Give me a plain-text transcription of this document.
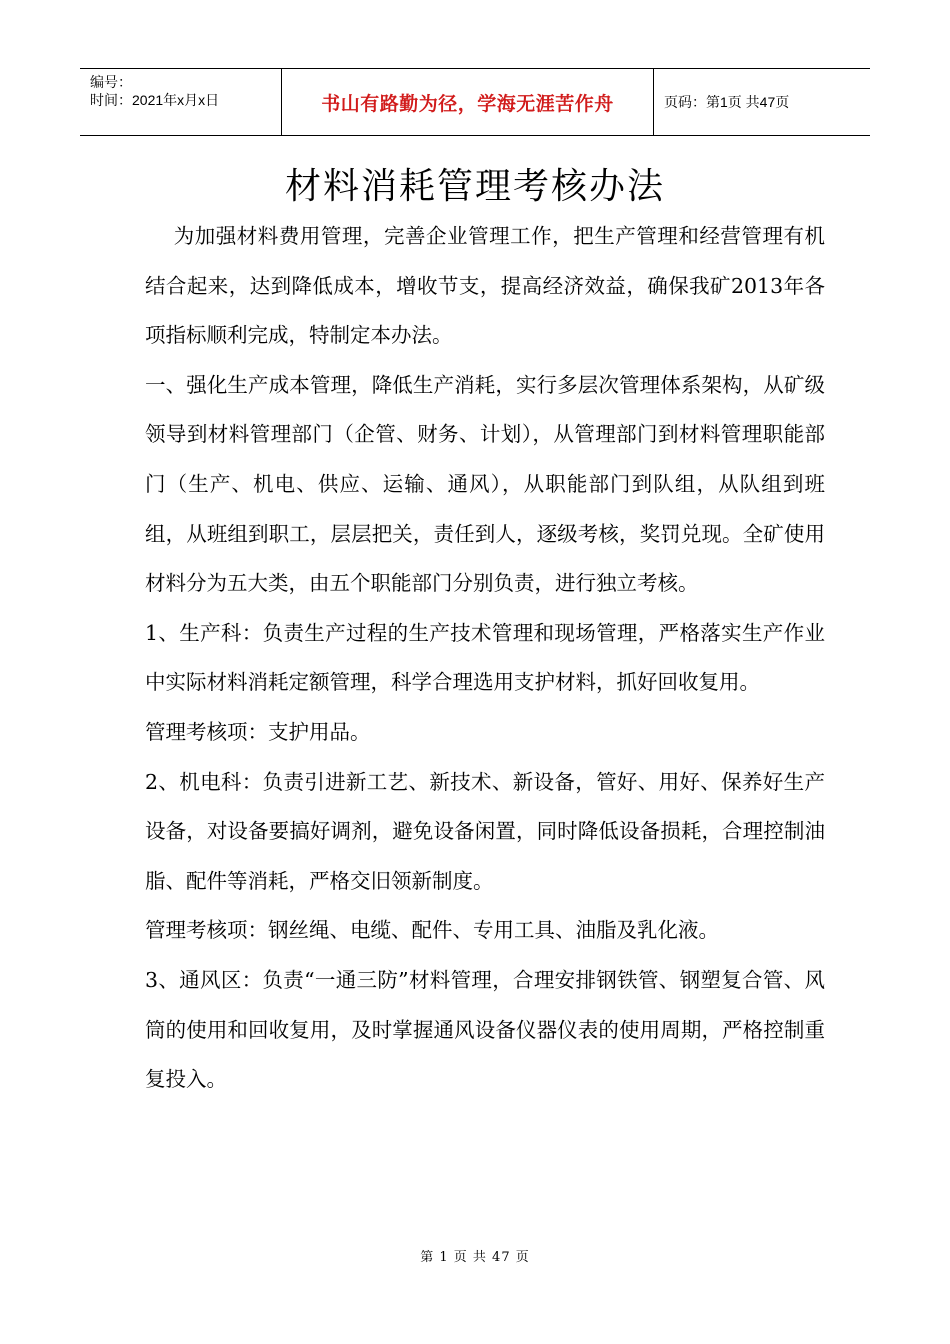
编号：
时间：2021年x月x日	书山有路勤为径，学海无涯苦作舟	页码：第1页 共47页
材料消耗管理考核办法

为加强材料费用管理，完善企业管理工作，把生产管理和经营管理有机结合起来，达到降低成本，增收节支，提高经济效益，确保我矿2013年各项指标顺利完成，特制定本办法。

一、强化生产成本管理，降低生产消耗，实行多层次管理体系架构，从矿级领导到材料管理部门（企管、财务、计划），从管理部门到材料管理职能部门（生产、机电、供应、运输、通风），从职能部门到队组，从队组到班组，从班组到职工，层层把关，责任到人，逐级考核，奖罚兑现。全矿使用材料分为五大类，由五个职能部门分别负责，进行独立考核。

1、生产科：负责生产过程的生产技术管理和现场管理，严格落实生产作业中实际材料消耗定额管理，科学合理选用支护材料，抓好回收复用。

管理考核项：支护用品。

2、机电科：负责引进新工艺、新技术、新设备，管好、用好、保养好生产设备，对设备要搞好调剂，避免设备闲置，同时降低设备损耗，合理控制油脂、配件等消耗，严格交旧领新制度。

管理考核项：钢丝绳、电缆、配件、专用工具、油脂及乳化液。

3、通风区：负责“一通三防”材料管理，合理安排钢铁管、钢塑复合管、风筒的使用和回收复用，及时掌握通风设备仪器仪表的使用周期，严格控制重复投入。

第 1 页 共 47 页
